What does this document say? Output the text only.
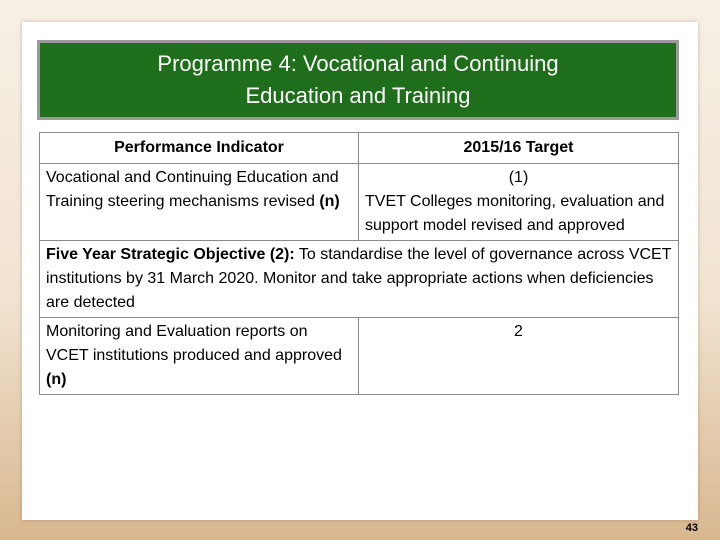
Programme 4: Vocational and Continuing
Education and Training
Performance Indicator	2015/16 Target
Vocational and Continuing Education and Training steering mechanisms revised (n)	(1)
TVET Colleges monitoring, evaluation and support model revised and approved

Five Year Strategic Objective (2): To standardise the level of governance across VCET institutions by 31 March 2020. Monitor and take appropriate actions when deficiencies are detected	
Monitoring and Evaluation reports on VCET institutions produced and approved (n)	2
43
